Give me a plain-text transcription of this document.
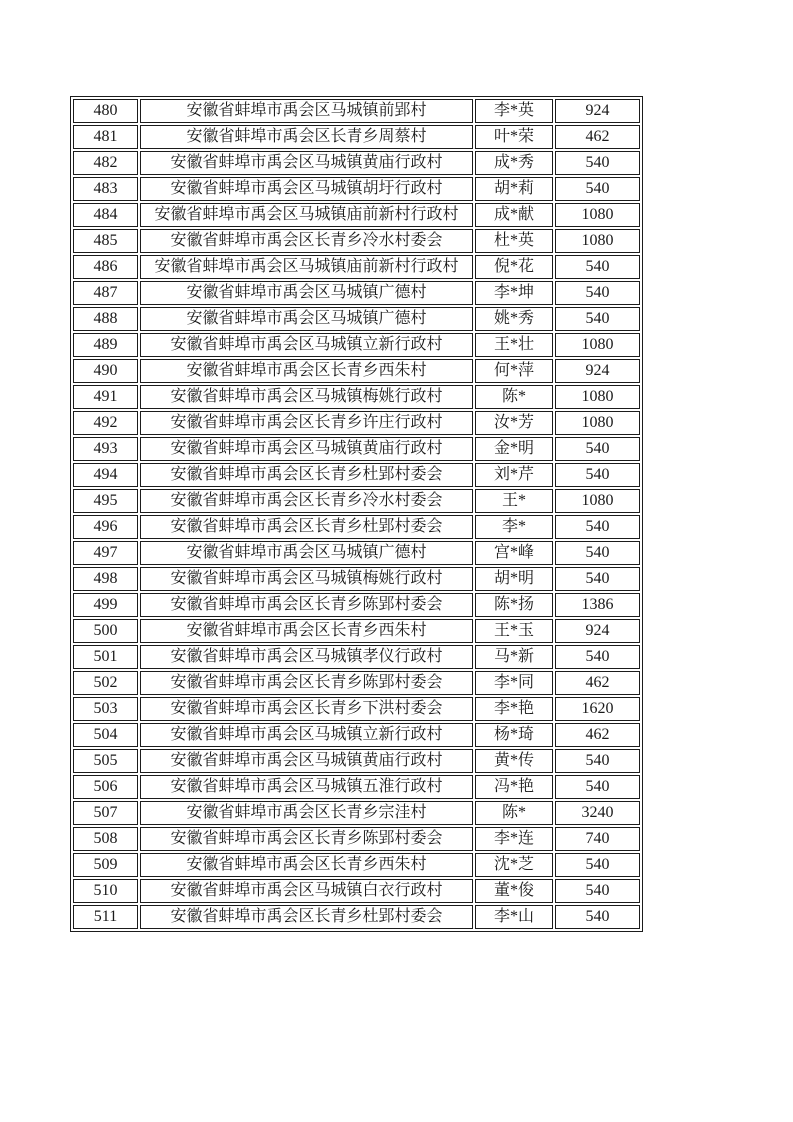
480	安徽省蚌埠市禹会区马城镇前郢村	李*英	924
481	安徽省蚌埠市禹会区长青乡周蔡村	叶*荣	462
482	安徽省蚌埠市禹会区马城镇黄庙行政村	成*秀	540
483	安徽省蚌埠市禹会区马城镇胡圩行政村	胡*莉	540
484	安徽省蚌埠市禹会区马城镇庙前新村行政村	成*献	1080
485	安徽省蚌埠市禹会区长青乡冷水村委会	杜*英	1080
486	安徽省蚌埠市禹会区马城镇庙前新村行政村	倪*花	540
487	安徽省蚌埠市禹会区马城镇广德村	李*坤	540
488	安徽省蚌埠市禹会区马城镇广德村	姚*秀	540
489	安徽省蚌埠市禹会区马城镇立新行政村	王*壮	1080
490	安徽省蚌埠市禹会区长青乡西朱村	何*萍	924
491	安徽省蚌埠市禹会区马城镇梅姚行政村	陈*	1080
492	安徽省蚌埠市禹会区长青乡许庄行政村	汝*芳	1080
493	安徽省蚌埠市禹会区马城镇黄庙行政村	金*明	540
494	安徽省蚌埠市禹会区长青乡杜郢村委会	刘*芹	540
495	安徽省蚌埠市禹会区长青乡冷水村委会	王*	1080
496	安徽省蚌埠市禹会区长青乡杜郢村委会	李*	540
497	安徽省蚌埠市禹会区马城镇广德村	宫*峰	540
498	安徽省蚌埠市禹会区马城镇梅姚行政村	胡*明	540
499	安徽省蚌埠市禹会区长青乡陈郢村委会	陈*扬	1386
500	安徽省蚌埠市禹会区长青乡西朱村	王*玉	924
501	安徽省蚌埠市禹会区马城镇孝仪行政村	马*新	540
502	安徽省蚌埠市禹会区长青乡陈郢村委会	李*同	462
503	安徽省蚌埠市禹会区长青乡下洪村委会	李*艳	1620
504	安徽省蚌埠市禹会区马城镇立新行政村	杨*琦	462
505	安徽省蚌埠市禹会区马城镇黄庙行政村	黄*传	540
506	安徽省蚌埠市禹会区马城镇五淮行政村	冯*艳	540
507	安徽省蚌埠市禹会区长青乡宗洼村	陈*	3240
508	安徽省蚌埠市禹会区长青乡陈郢村委会	李*连	740
509	安徽省蚌埠市禹会区长青乡西朱村	沈*芝	540
510	安徽省蚌埠市禹会区马城镇白衣行政村	董*俊	540
511	安徽省蚌埠市禹会区长青乡杜郢村委会	李*山	540
